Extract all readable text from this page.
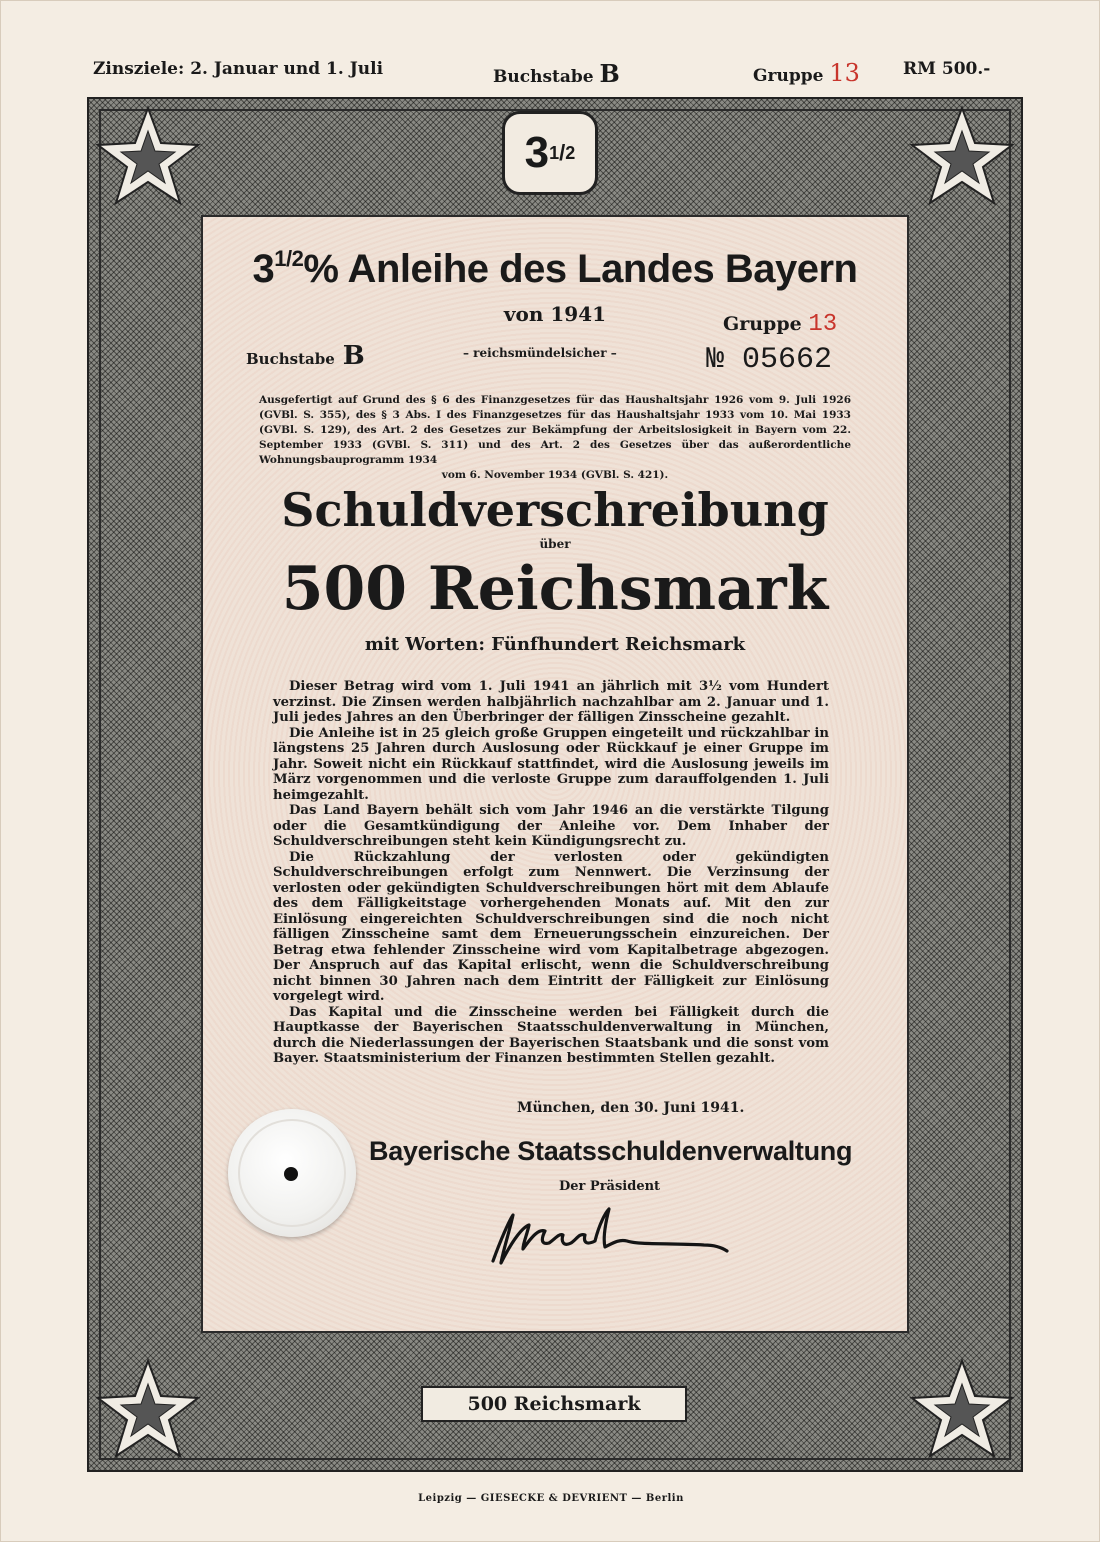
Zinsziele: 2. Januar und 1. Juli	Buchstabe B	Gruppe 13	RM 500.-
3 1 / 2
$3^{1/2}\%$ Anleihe des Landes Bayern
von 1941
Buchstabe B	– reichsmündelsicher –
Gruppe 13
№ 05662
Ausgefertigt auf Grund des § 6 des Finanzgesetzes für das Haushaltsjahr 1926 vom 9. Juli 1926 (GVBl. S. 355), des § 3 Abs. I des Finanzgesetzes für das Haushaltsjahr 1933 vom 10. Mai 1933 (GVBl. S. 129), des Art. 2 des Gesetzes zur Bekämpfung der Arbeitslosigkeit in Bayern vom 22. September 1933 (GVBl. S. 311) und des Art. 2 des Gesetzes über das außerordentliche Wohnungsbauprogramm 1934
vom 6. November 1934 (GVBl. S. 421).
Schuldverschreibung
über
500 Reichsmark
mit Worten: Fünfhundert Reichsmark

Dieser Betrag wird vom 1. Juli 1941 an jährlich mit 3½ vom Hundert verzinst. Die Zinsen werden halbjährlich nachzahlbar am 2. Januar und 1. Juli jedes Jahres an den Überbringer der fälligen Zinsscheine gezahlt.

Die Anleihe ist in 25 gleich große Gruppen eingeteilt und rückzahlbar in längstens 25 Jahren durch Auslosung oder Rückkauf je einer Gruppe im Jahr. Soweit nicht ein Rückkauf stattfindet, wird die Auslosung jeweils im März vorgenommen und die verloste Gruppe zum darauffolgenden 1. Juli heimgezahlt.

Das Land Bayern behält sich vom Jahr 1946 an die verstärkte Tilgung oder die Gesamtkündigung der Anleihe vor. Dem Inhaber der Schuldverschreibungen steht kein Kündigungsrecht zu.

Die Rückzahlung der verlosten oder gekündigten Schuldverschreibungen erfolgt zum Nennwert. Die Verzinsung der verlosten oder gekündigten Schuldverschreibungen hört mit dem Ablaufe des dem Fälligkeitstage vorhergehenden Monats auf. Mit den zur Einlösung eingereichten Schuldverschreibungen sind die noch nicht fälligen Zinsscheine samt dem Erneuerungsschein einzureichen. Der Betrag etwa fehlender Zinsscheine wird vom Kapitalbetrage abgezogen. Der Anspruch auf das Kapital erlischt, wenn die Schuldverschreibung nicht binnen 30 Jahren nach dem Eintritt der Fälligkeit zur Einlösung vorgelegt wird.

Das Kapital und die Zinsscheine werden bei Fälligkeit durch die Hauptkasse der Bayerischen Staatsschuldenverwaltung in München, durch die Niederlassungen der Bayerischen Staatsbank und die sonst vom Bayer. Staatsministerium der Finanzen bestimmten Stellen gezahlt.

München, den 30. Juni 1941.
Bayerische Staatsschuldenverwaltung
Der Präsident
500 Reichsmark
Leipzig — GIESECKE & DEVRIENT — Berlin
